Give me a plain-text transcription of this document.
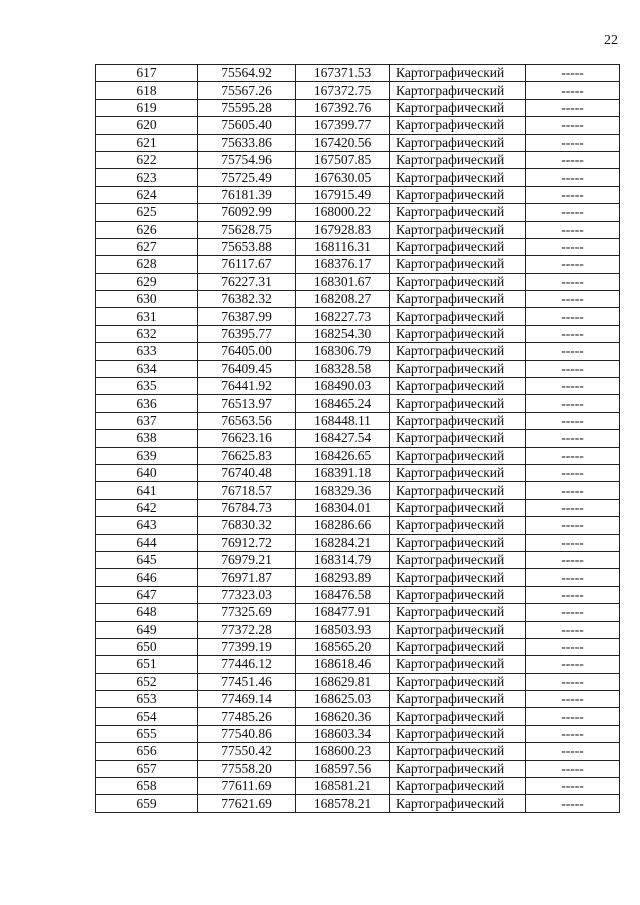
22
617	75564.92	167371.53	Картографический	-----
618	75567.26	167372.75	Картографический	-----
619	75595.28	167392.76	Картографический	-----
620	75605.40	167399.77	Картографический	-----
621	75633.86	167420.56	Картографический	-----
622	75754.96	167507.85	Картографический	-----
623	75725.49	167630.05	Картографический	-----
624	76181.39	167915.49	Картографический	-----
625	76092.99	168000.22	Картографический	-----
626	75628.75	167928.83	Картографический	-----
627	75653.88	168116.31	Картографический	-----
628	76117.67	168376.17	Картографический	-----
629	76227.31	168301.67	Картографический	-----
630	76382.32	168208.27	Картографический	-----
631	76387.99	168227.73	Картографический	-----
632	76395.77	168254.30	Картографический	-----
633	76405.00	168306.79	Картографический	-----
634	76409.45	168328.58	Картографический	-----
635	76441.92	168490.03	Картографический	-----
636	76513.97	168465.24	Картографический	-----
637	76563.56	168448.11	Картографический	-----
638	76623.16	168427.54	Картографический	-----
639	76625.83	168426.65	Картографический	-----
640	76740.48	168391.18	Картографический	-----
641	76718.57	168329.36	Картографический	-----
642	76784.73	168304.01	Картографический	-----
643	76830.32	168286.66	Картографический	-----
644	76912.72	168284.21	Картографический	-----
645	76979.21	168314.79	Картографический	-----
646	76971.87	168293.89	Картографический	-----
647	77323.03	168476.58	Картографический	-----
648	77325.69	168477.91	Картографический	-----
649	77372.28	168503.93	Картографический	-----
650	77399.19	168565.20	Картографический	-----
651	77446.12	168618.46	Картографический	-----
652	77451.46	168629.81	Картографический	-----
653	77469.14	168625.03	Картографический	-----
654	77485.26	168620.36	Картографический	-----
655	77540.86	168603.34	Картографический	-----
656	77550.42	168600.23	Картографический	-----
657	77558.20	168597.56	Картографический	-----
658	77611.69	168581.21	Картографический	-----
659	77621.69	168578.21	Картографический	-----
